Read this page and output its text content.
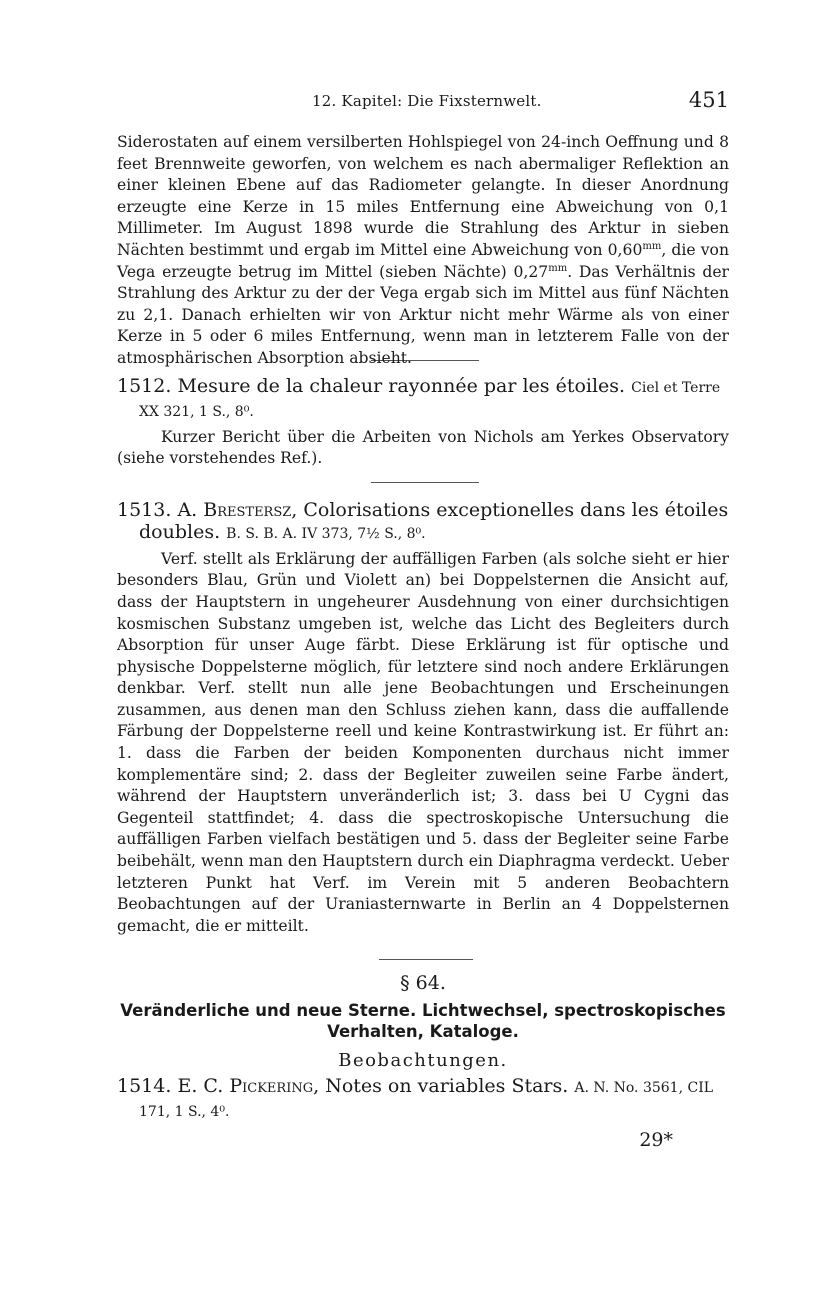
12. Kapitel: Die Fixsternwelt.	451

Siderostaten auf einem versilberten Hohlspiegel von 24-inch Oeffnung und 8 feet Brennweite geworfen, von welchem es nach abermaliger Reflektion an einer kleinen Ebene auf das Radiometer gelangte. In dieser Anordnung erzeugte eine Kerze in 15 miles Entfernung eine Abweichung von 0,1 Millimeter. Im August 1898 wurde die Strahlung des Arktur in sieben Nächten bestimmt und ergab im Mittel eine Abweichung von $0,60^{mm}$, die von Vega erzeugte betrug im Mittel (sieben Nächte) $0,27^{mm}$. Das Verhältnis der Strahlung des Arktur zu der der Vega ergab sich im Mittel aus fünf Nächten zu 2,1. Danach erhielten wir von Arktur nicht mehr Wärme als von einer Kerze in 5 oder 6 miles Entfernung, wenn man in letzterem Falle von der atmosphärischen Absorption absieht.

1512. Mesure de la chaleur rayonnée par les étoiles. Ciel et Terre XX 321, 1 S., 8⁰.

Kurzer Bericht über die Arbeiten von Nichols am Yerkes Observatory (siehe vorstehendes Ref.).

1513. A. Brestersz, Colorisations exceptionelles dans les étoiles doubles. B. S. B. A. IV 373, 7½ S., 8⁰.

Verf. stellt als Erklärung der auffälligen Farben (als solche sieht er hier besonders Blau, Grün und Violett an) bei Doppelsternen die Ansicht auf, dass der Hauptstern in ungeheurer Ausdehnung von einer durchsichtigen kosmischen Substanz umgeben ist, welche das Licht des Begleiters durch Absorption für unser Auge färbt. Diese Erklärung ist für optische und physische Doppelsterne möglich, für letztere sind noch andere Erklärungen denkbar. Verf. stellt nun alle jene Beobachtungen und Erscheinungen zusammen, aus denen man den Schluss ziehen kann, dass die auffallende Färbung der Doppelsterne reell und keine Kontrastwirkung ist. Er führt an: 1. dass die Farben der beiden Komponenten durchaus nicht immer komplementäre sind; 2. dass der Begleiter zuweilen seine Farbe ändert, während der Hauptstern unveränderlich ist; 3. dass bei U Cygni das Gegenteil stattfindet; 4. dass die spectroskopische Untersuchung die auffälligen Farben vielfach bestätigen und 5. dass der Begleiter seine Farbe beibehält, wenn man den Hauptstern durch ein Diaphragma verdeckt. Ueber letzteren Punkt hat Verf. im Verein mit 5 anderen Beobachtern Beobachtungen auf der Uraniasternwarte in Berlin an 4 Doppelsternen gemacht, die er mitteilt.

§ 64.
Veränderliche und neue Sterne. Lichtwechsel, spectroskopisches
Verhalten, Kataloge.
Beobachtungen.
1514. E. C. Pickering, Notes on variables Stars. A. N. No. 3561, CIL 171, 1 S., 4⁰.
29*
